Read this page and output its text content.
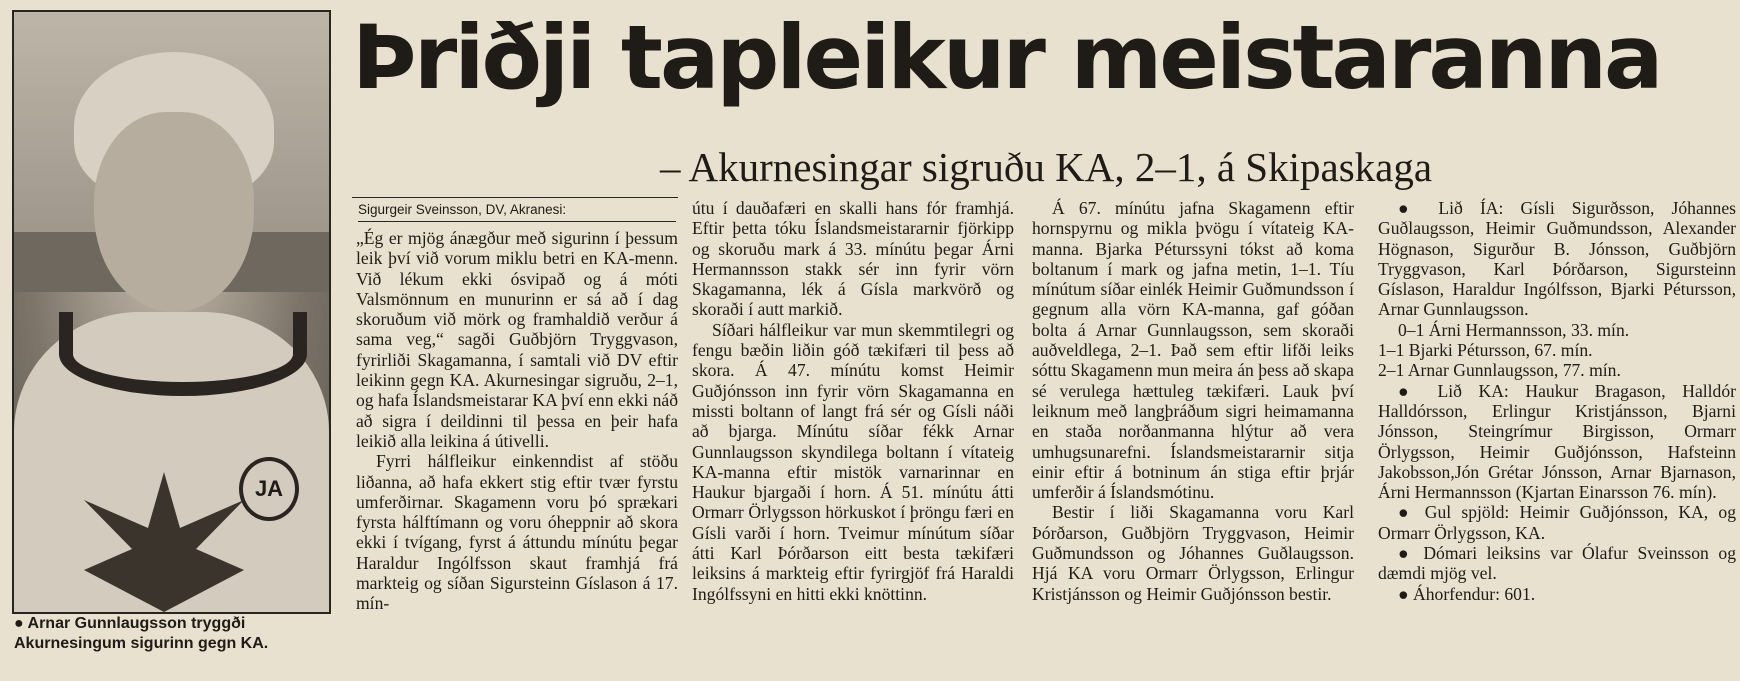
JA
● Arnar Gunnlaugsson tryggði Akurnesingum sigurinn gegn KA.
Þriðji tapleikur meistaranna
– Akurnesingar sigruðu KA, 2–1, á Skipaskaga
Sigurgeir Sveinsson, DV, Akranesi:

„Ég er mjög ánægður með sigurinn í þessum leik því við vorum miklu betri en KA-menn. Við lékum ekki ósvipað og á móti Valsmönnum en munurinn er sá að í dag skoruðum við mörk og framhaldið verður á sama veg,“ sagði Guðbjörn Tryggvason, fyrirliði Skagamanna, í samtali við DV eftir leikinn gegn KA. Akurnesingar sigruðu, 2–1, og hafa Íslandsmeistarar KA því enn ekki náð að sigra í deildinni til þessa en þeir hafa leikið alla leikina á útivelli.

Fyrri hálfleikur einkenndist af stöðu liðanna, að hafa ekkert stig eftir tvær fyrstu umferðirnar. Skagamenn voru þó sprækari fyrsta hálftímann og voru óheppnir að skora ekki í tvígang, fyrst á áttundu mínútu þegar Haraldur Ingólfsson skaut framhjá frá markteig og síðan Sigursteinn Gíslason á 17. mín-

útu í dauðafæri en skalli hans fór framhjá. Eftir þetta tóku Íslandsmeistararnir fjörkipp og skoruðu mark á 33. mínútu þegar Árni Hermannsson stakk sér inn fyrir vörn Skagamanna, lék á Gísla markvörð og skoraði í autt markið.

Síðari hálfleikur var mun skemmtilegri og fengu bæðin liðin góð tækifæri til þess að skora. Á 47. mínútu komst Heimir Guðjónsson inn fyrir vörn Skagamanna en missti boltann of langt frá sér og Gísli náði að bjarga. Mínútu síðar fékk Arnar Gunnlaugsson skyndilega boltann í vítateig KA-manna eftir mistök varnarinnar en Haukur bjargaði í horn. Á 51. mínútu átti Ormarr Örlygsson hörkuskot í þröngu færi en Gísli varði í horn. Tveimur mínútum síðar átti Karl Þórðarson eitt besta tækifæri leiksins á markteig eftir fyrirgjöf frá Haraldi Ingólfssyni en hitti ekki knöttinn.

Á 67. mínútu jafna Skagamenn eftir hornspyrnu og mikla þvögu í vítateig KA-manna. Bjarka Péturssyni tókst að koma boltanum í mark og jafna metin, 1–1. Tíu mínútum síðar einlék Heimir Guðmundsson í gegnum alla vörn KA-manna, gaf góðan bolta á Arnar Gunnlaugsson, sem skoraði auðveldlega, 2–1. Það sem eftir lifði leiks sóttu Skagamenn mun meira án þess að skapa sé verulega hættuleg tækifæri. Lauk því leiknum með langþráðum sigri heimamanna en staða norðanmanna hlýtur að vera umhugsunarefni. Íslandsmeistararnir sitja einir eftir á botninum án stiga eftir þrjár umferðir á Íslandsmótinu.

Bestir í liði Skagamanna voru Karl Þórðarson, Guðbjörn Tryggvason, Heimir Guðmundsson og Jóhannes Guðlaugsson. Hjá KA voru Ormarr Örlygsson, Erlingur Kristjánsson og Heimir Guðjónsson bestir.

● Lið ÍA: Gísli Sigurðsson, Jóhannes Guðlaugsson, Heimir Guðmundsson, Alexander Högnason, Sigurður B. Jónsson, Guðbjörn Tryggvason, Karl Þórðarson, Sigursteinn Gíslason, Haraldur Ingólfsson, Bjarki Pétursson, Arnar Gunnlaugsson.

0–1 Árni Hermannsson, 33. mín.

1–1 Bjarki Pétursson, 67. mín.

2–1 Arnar Gunnlaugsson, 77. mín.

● Lið KA: Haukur Bragason, Halldór Halldórsson, Erlingur Kristjánsson, Bjarni Jónsson, Steingrímur Birgisson, Ormarr Örlygsson, Heimir Guðjónsson, Hafsteinn Jakobsson,Jón Grétar Jónsson, Arnar Bjarnason, Árni Hermannsson (Kjartan Einarsson 76. mín).

● Gul spjöld: Heimir Guðjónsson, KA, og Ormarr Örlygsson, KA.

● Dómari leiksins var Ólafur Sveinsson og dæmdi mjög vel.

● Áhorfendur: 601.
